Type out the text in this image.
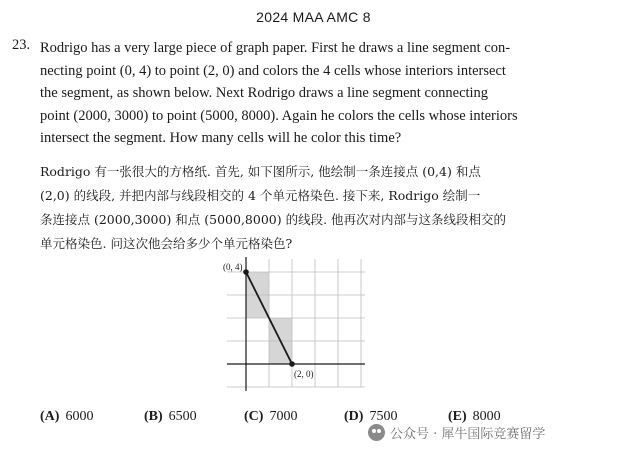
2024 MAA AMC 8
23. Rodrigo has a very large piece of graph paper. First he draws a line segment con-
necting point (0, 4) to point (2, 0) and colors the 4 cells whose interiors intersect
the segment, as shown below. Next Rodrigo draws a line segment connecting
point (2000, 3000) to point (5000, 8000). Again he colors the cells whose interiors
intersect the segment. How many cells will he color this time?
Rodrigo 有一张很大的方格纸. 首先, 如下图所示, 他绘制一条连接点 (0,4) 和点
(2,0) 的线段, 并把内部与线段相交的 4 个单元格染色. 接下来, Rodrigo 绘制一
条连接点 (2000,3000) 和点 (5000,8000) 的线段. 他再次对内部与这条线段相交的
单元格染色. 问这次他会给多少个单元格染色?
(0, 4)
(2, 0)
(A) 6000	(B) 6500	(C) 7000	(D) 7500	(E) 8000
公众号 · 犀牛国际竞赛留学
